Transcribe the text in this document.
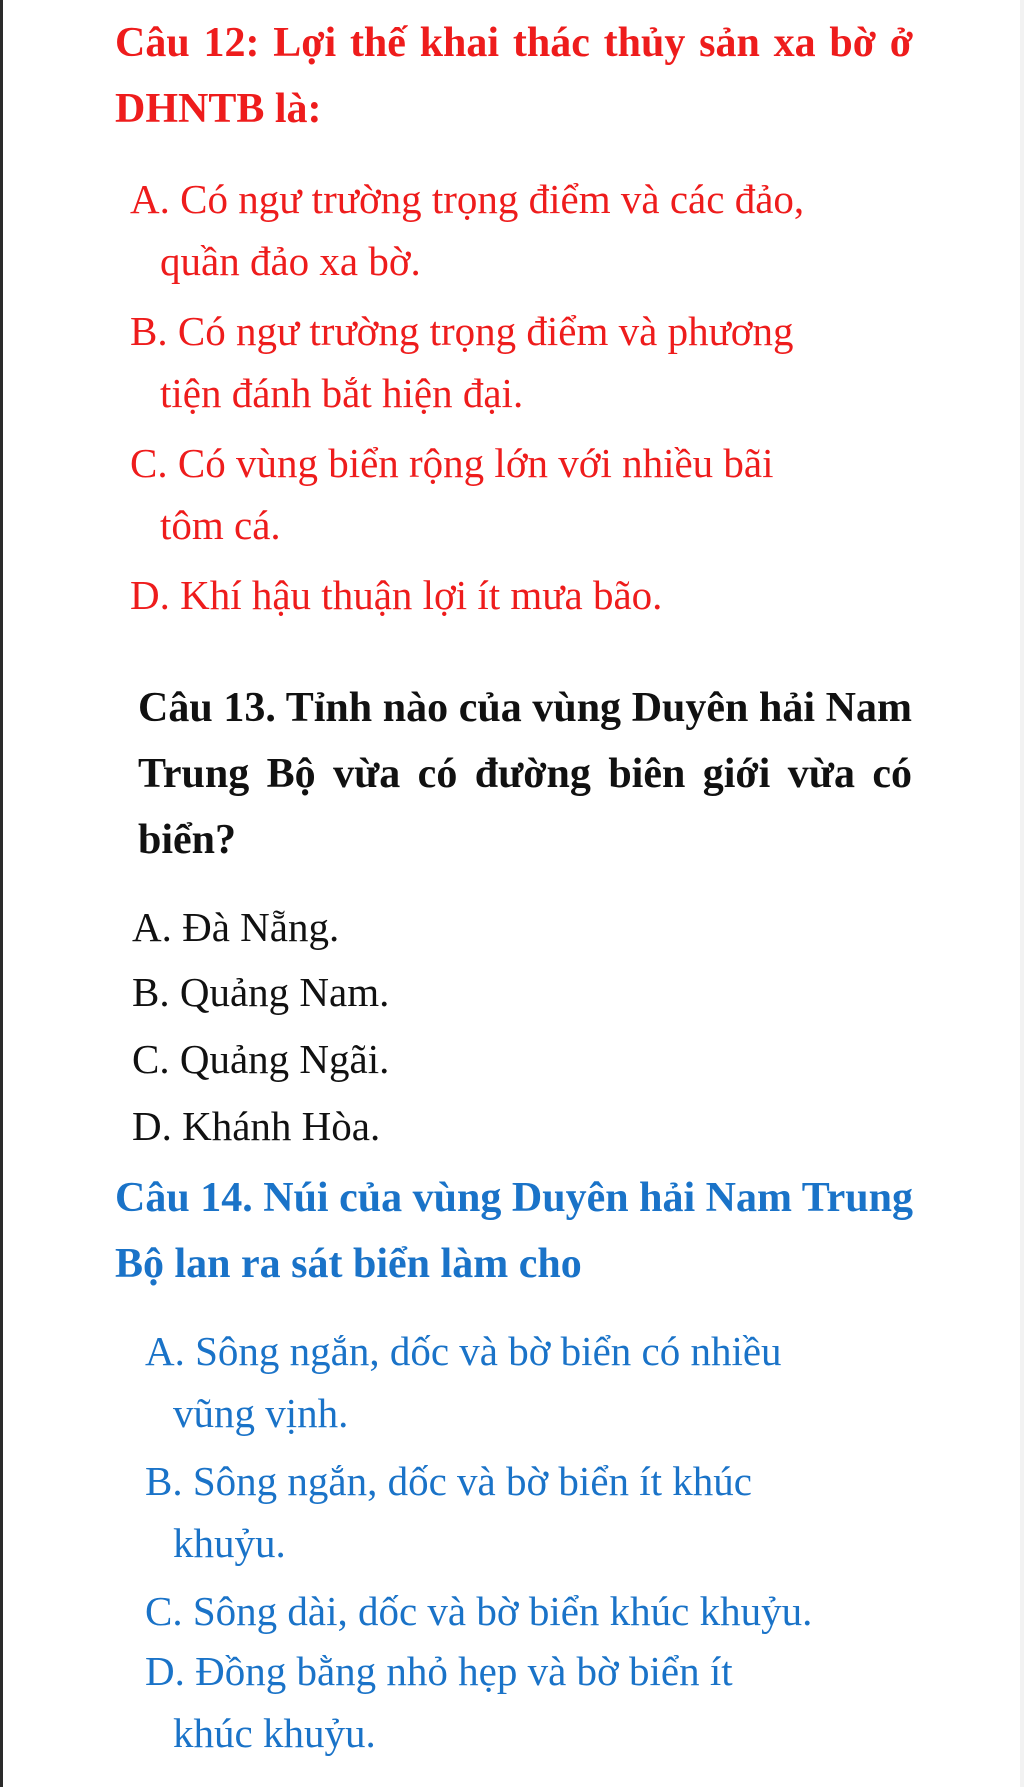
Câu 12: Lợi thế khai thác thủy sản xa bờ ở DHNTB là:

A. Có ngư trường trọng điểm và các đảo,
quần đảo xa bờ.

B. Có ngư trường trọng điểm và phương
tiện đánh bắt hiện đại.

C. Có vùng biển rộng lớn với nhiều bãi
tôm cá.

D. Khí hậu thuận lợi ít mưa bão.

Câu 13. Tỉnh nào của vùng Duyên hải Nam Trung Bộ vừa có đường biên giới vừa có biển?

A. Đà Nẵng.

B. Quảng Nam.

C. Quảng Ngãi.

D. Khánh Hòa.

Câu 14. Núi của vùng Duyên hải Nam Trung Bộ lan ra sát biển làm cho

A. Sông ngắn, dốc và bờ biển có nhiều
vũng vịnh.

B. Sông ngắn, dốc và bờ biển ít khúc
khuỷu.

C. Sông dài, dốc và bờ biển khúc khuỷu.

D. Đồng bằng nhỏ hẹp và bờ biển ít
khúc khuỷu.
